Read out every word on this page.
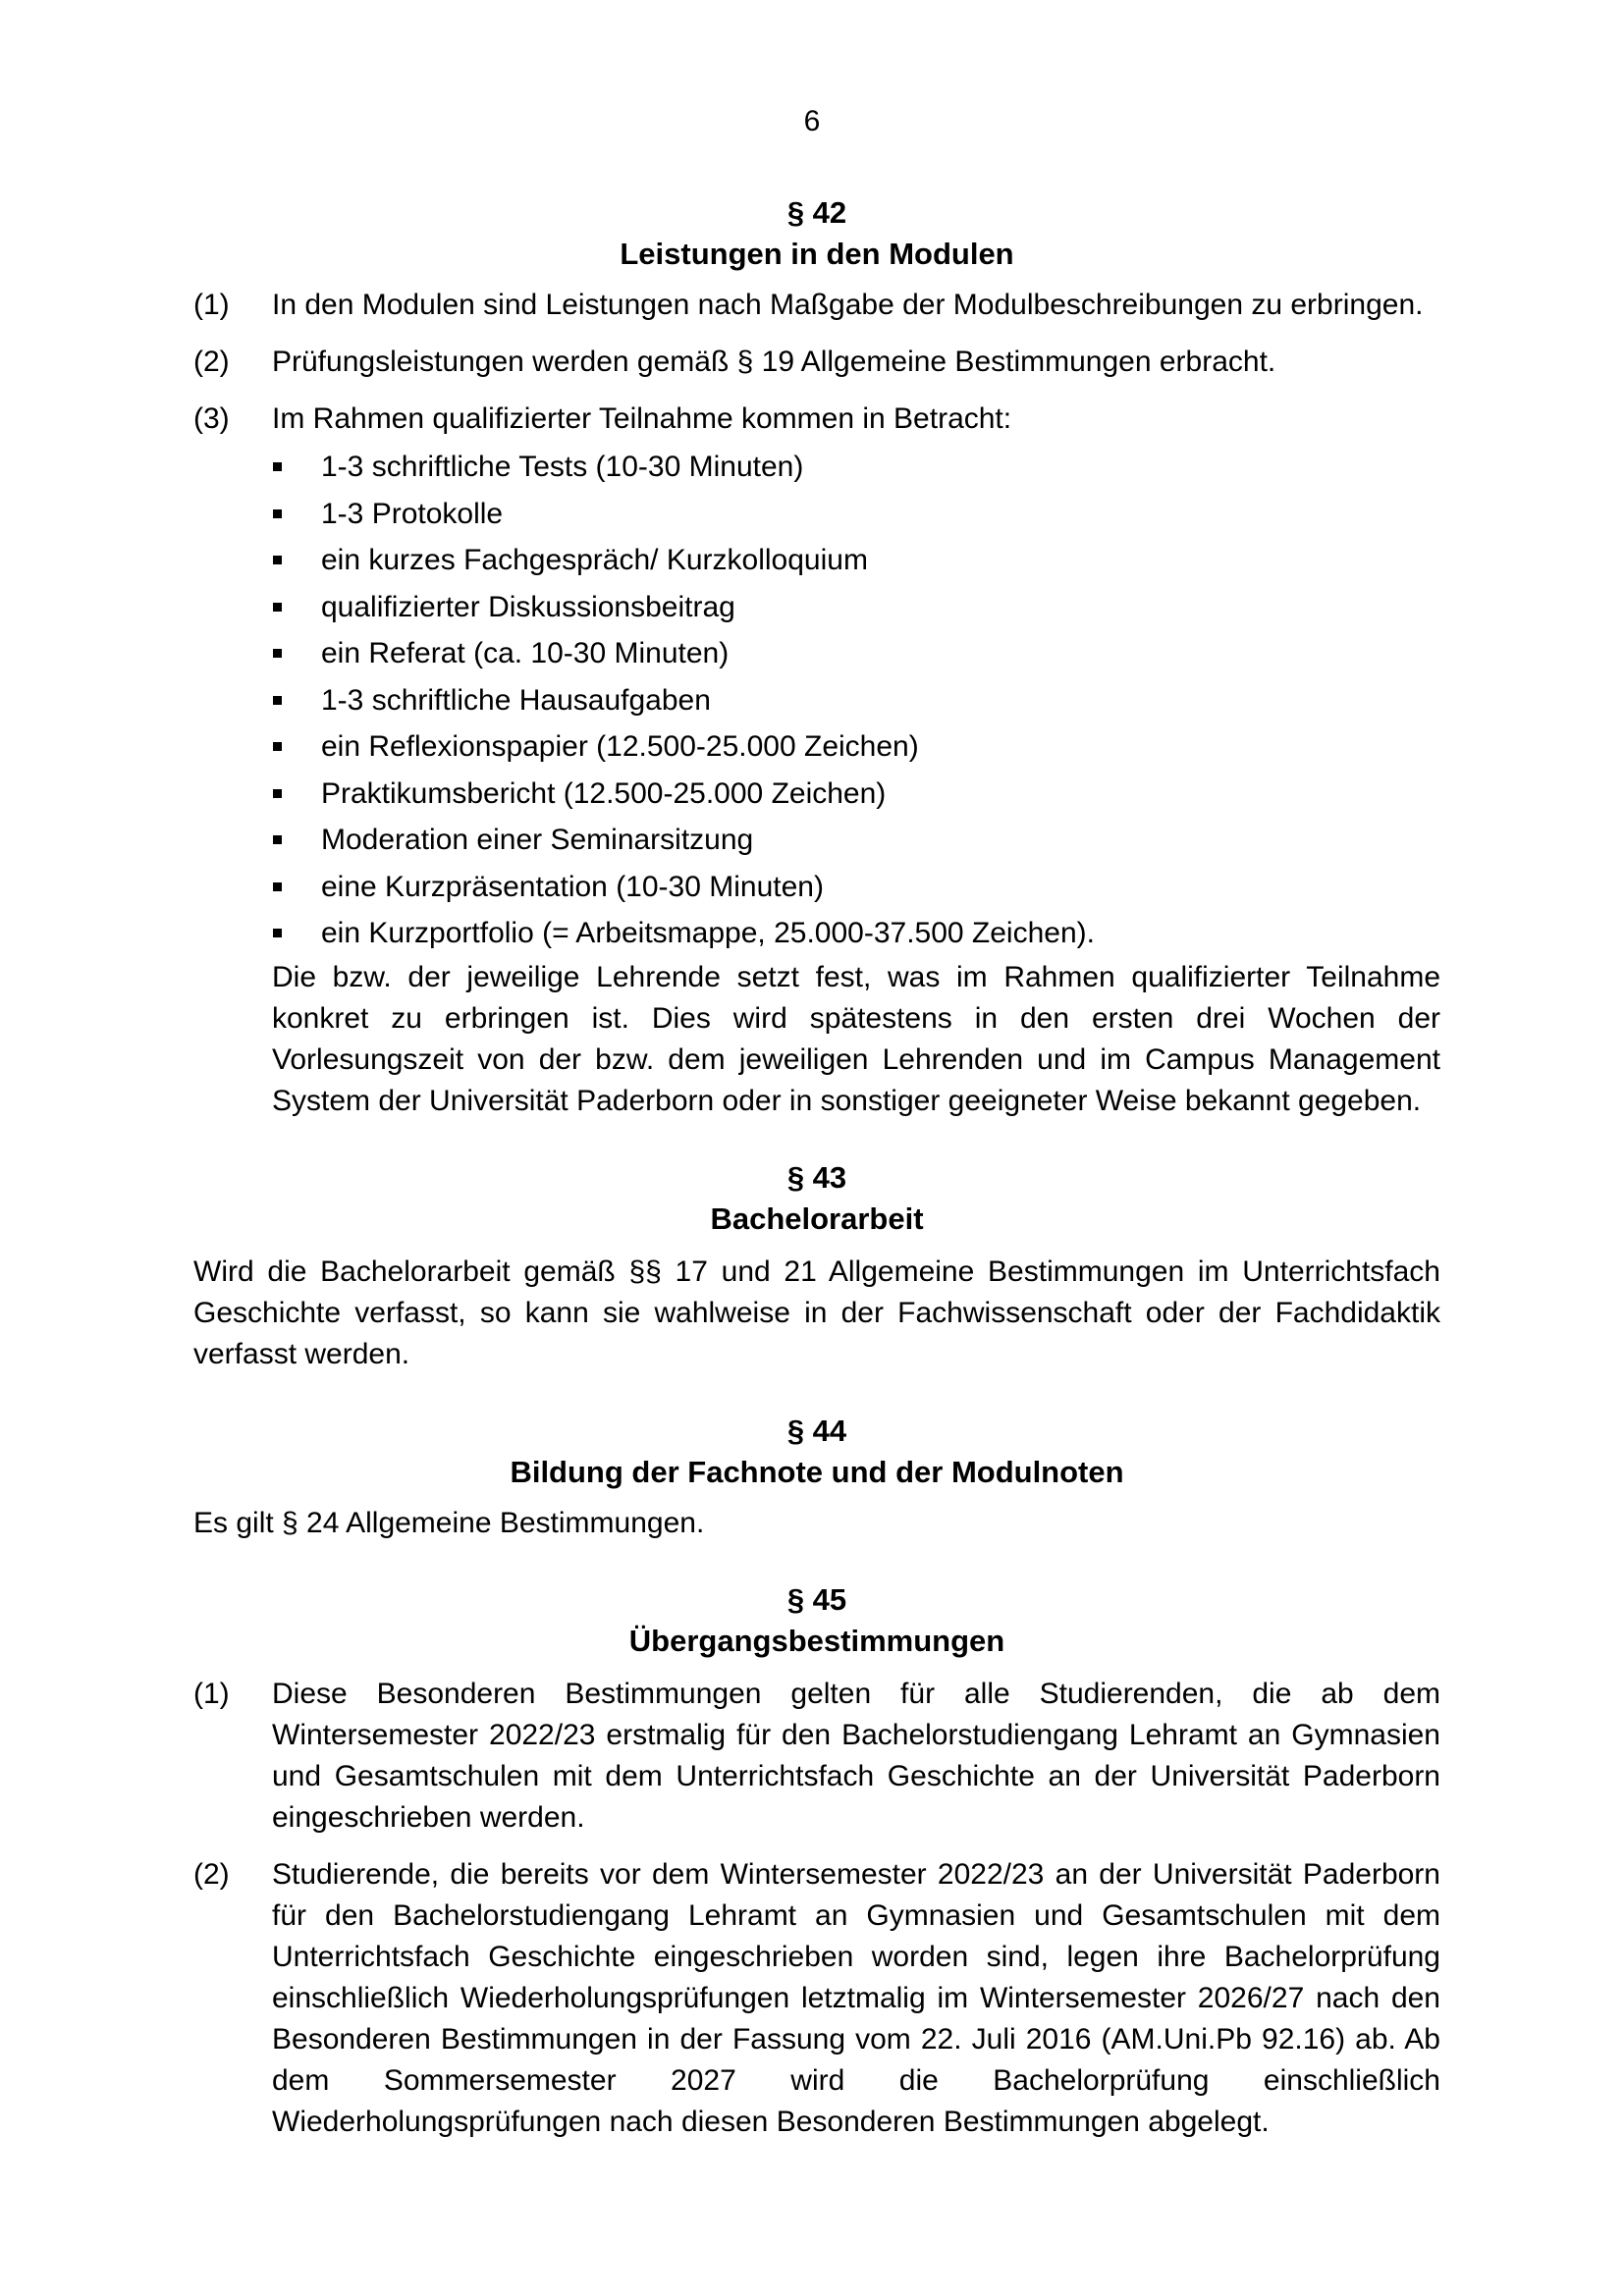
6
§ 42
Leistungen in den Modulen
(1)	In den Modulen sind Leistungen nach Maßgabe der Modulbeschreibungen zu erbringen.
(2)	Prüfungsleistungen werden gemäß § 19 Allgemeine Bestimmungen erbracht.
(3)	Im Rahmen qualifizierter Teilnahme kommen in Betracht:
1-3 schriftliche Tests (10-30 Minuten)
1-3 Protokolle
ein kurzes Fachgespräch/ Kurzkolloquium
qualifizierter Diskussionsbeitrag
ein Referat (ca. 10-30 Minuten)
1-3 schriftliche Hausaufgaben
ein Reflexionspapier (12.500-25.000 Zeichen)
Praktikumsbericht (12.500-25.000 Zeichen)
Moderation einer Seminarsitzung
eine Kurzpräsentation (10-30 Minuten)
ein Kurzportfolio (= Arbeitsmappe, 25.000-37.500 Zeichen).

Die bzw. der jeweilige Lehrende setzt fest, was im Rahmen qualifizierter Teilnahme konkret zu erbringen ist. Dies wird spätestens in den ersten drei Wochen der Vorlesungszeit von der bzw. dem jeweiligen Lehrenden und im Campus Management System der Universität Paderborn oder in sonstiger geeigneter Weise bekannt gegeben.

§ 43
Bachelorarbeit

Wird die Bachelorarbeit gemäß §§ 17 und 21 Allgemeine Bestimmungen im Unterrichtsfach Geschichte verfasst, so kann sie wahlweise in der Fachwissenschaft oder der Fachdidaktik verfasst werden.

§ 44
Bildung der Fachnote und der Modulnoten

Es gilt § 24 Allgemeine Bestimmungen.

§ 45
Übergangsbestimmungen
(1)	Diese Besonderen Bestimmungen gelten für alle Studierenden, die ab dem Wintersemester 2022/23 erstmalig für den Bachelorstudiengang Lehramt an Gymnasien und Gesamtschulen mit dem Unterrichtsfach Geschichte an der Universität Paderborn eingeschrieben werden.
(2)	Studierende, die bereits vor dem Wintersemester 2022/23 an der Universität Paderborn für den Bachelorstudiengang Lehramt an Gymnasien und Gesamtschulen mit dem Unterrichtsfach Geschichte eingeschrieben worden sind, legen ihre Bachelorprüfung einschließlich Wiederholungsprüfungen letztmalig im Wintersemester 2026/27 nach den Besonderen Bestimmungen in der Fassung vom 22. Juli 2016 (AM.Uni.Pb 92.16) ab. Ab dem Sommersemester 2027 wird die Bachelorprüfung einschließlich Wiederholungsprüfungen nach diesen Besonderen Bestimmungen abgelegt.
